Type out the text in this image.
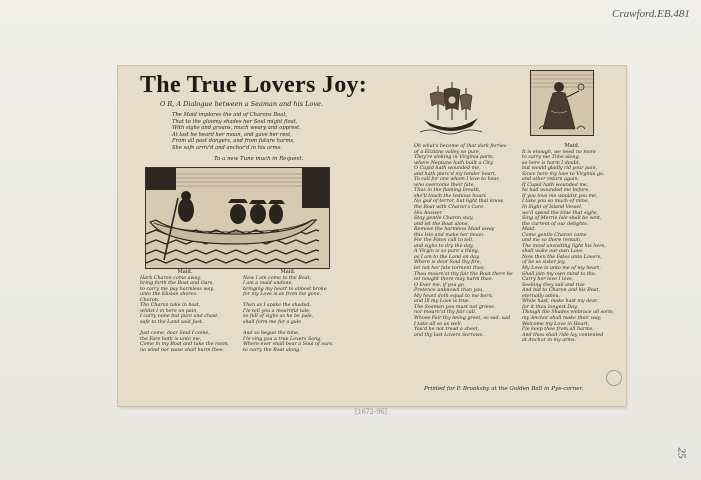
Crawford.EB.481
25
[1672-96]
The True Lovers Joy:
O R, A Dialogue between a Seaman and his Love.
The Maid implores the aid of Charons Boat,
That to the gloomy shades her Soul might float,
With sighs and groans, much weary and opprest,
At last he heard her moan, and gave her rest,
From all past dangers, and from future harms,
She safe arriv'd and anchor'd in his arms.
To a new Tune much in Request.
Maid.
Hark Charon come away,
bring forth the Boat and Oars,
to carry me pay harmless way,
unto the Elisian shores.
Charon.
Tho Charon take in hast,
whilst I in here on pain,
I carry none but pure and chast,
safe to the Land said Just.

Just come, dear Soul I come,
the Fare both is unto me,
Come in my Boat and take the room,
no wind nor wave shall harm thee.
Maid.
Now I am come to the Boat,
I am a maid undone,
bringing my heart to almost broke
for my Love is as from me gone.

Then as I spake the shaded,
I'le tell you a mournful tale,
so full of sighs as he be pale,
shall form me for a gale.

And so begun the time,
I'le sing you a true Lovers Song,
Where ever shall bear a Soul of ours,
to carry the Boat along.
Oh what's become of that dark ferries
of a Elizians valley so pure,
They're sinking in Virginia parts,
where Neptune hath built a City.
O Cupid hath wounded me,
and hath pierc'd my tender heart,
To call for one whom I love to hear,
who overcome their fate,
Thus in the flaming breath,
she'll touch the tedious hours
No god of terror, but light that know,
the Boat with Charon's Care.
His Answer.
Stay gentle Charon stay,
and let the Boat alone,
Remove the harmless Maid away
this Isle and make her moan.
For the Fates call to tell,
and sighs to dry the day,
A Virgin is so pure a thing,
as I am to the Land on day,
Where is dear Soul thy fire,
let not her fate torment thee,
Thou mourn'st thy fair the Boat there be
let nought there may harm thee.
O Ever me, if you go
Pretence unknown than you,
My heart doth equal to me born,
and Ill my Love is true.
The Seamen you must not grieve,
nor mourn'st thy fair call,
Whose Fair thy being greet, so sad, sad
I take all so as well.
You'd be not tread a sheet,
and thy last Lovers Sorrows.
Maid.
It is enough, we need no more
to carry me Time along,
so here is harm I doubt,
but would gladly rid your pain,
Since here my love to Virginia go,
and other return again.
If Cupid hath wounded me,
he had wounded me before,
If you love me wouldst you me,
I take you so much of mine,
In Sight of Island Vessel,
we'll spend the time that sighs,
Sing of Merrie Isle shall be sent,
the current of our delights.
Maid.
Come gentle Charon come
and me so there remain,
The mind unvisiting light his here,
shall wake our own Love.
Now then the Fates unto Lovers,
of be as sister joy,
My Love is unto me of my heart,
Shall join my own mind to tho,
Carry her love I love,
Seeking they sail and rise
And bid to Charon and his Boat,
eternally adieu.
While hast, make hast my dear,
for it thou longest Day,
Though the Shades embrace all sorts,
my Anchor shall make their way,
Welcome my Love in Heart,
I'le keep thee from all harms,
And thou shalt ride lay contented
at Anchor in my arms.
Printed for P. Brooksby at the Golden Ball in Pye-corner.
